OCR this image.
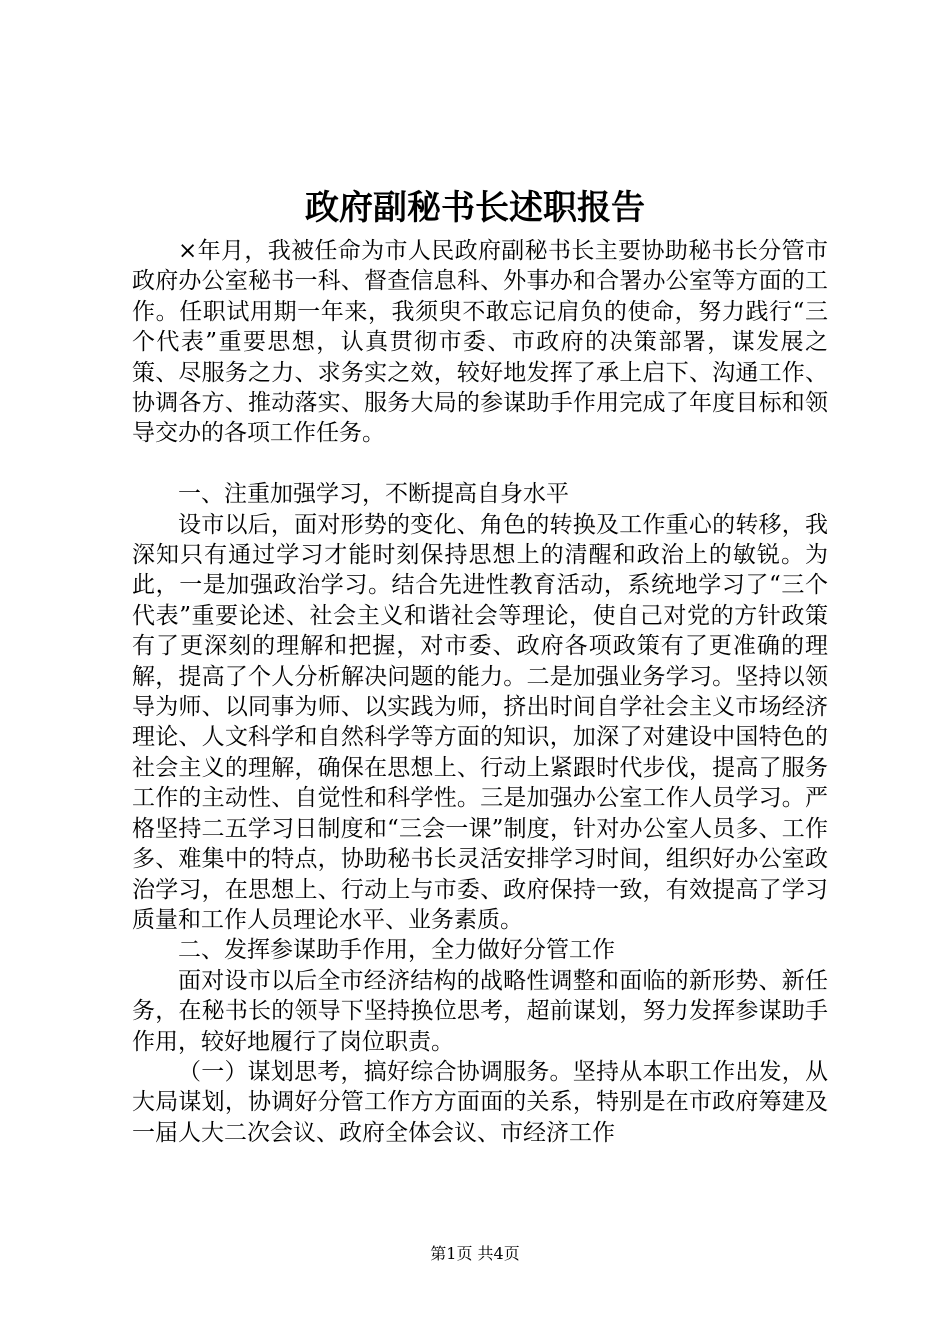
政府副秘书长述职报告

×年月，我被任命为市人民政府副秘书长主要协助秘书长分管市政府办公室秘书一科、督查信息科、外事办和合署办公室等方面的工作。任职试用期一年来，我须臾不敢忘记肩负的使命，努力践行“三个代表”重要思想，认真贯彻市委、市政府的决策部署，谋发展之策、尽服务之力、求务实之效，较好地发挥了承上启下、沟通工作、协调各方、推动落实、服务大局的参谋助手作用完成了年度目标和领导交办的各项工作任务。

一、注重加强学习，不断提高自身水平

设市以后，面对形势的变化、角色的转换及工作重心的转移，我深知只有通过学习才能时刻保持思想上的清醒和政治上的敏锐。为此，一是加强政治学习。结合先进性教育活动，系统地学习了“三个代表”重要论述、社会主义和谐社会等理论，使自己对党的方针政策有了更深刻的理解和把握，对市委、政府各项政策有了更准确的理解，提高了个人分析解决问题的能力。二是加强业务学习。坚持以领导为师、以同事为师、以实践为师，挤出时间自学社会主义市场经济理论、人文科学和自然科学等方面的知识，加深了对建设中国特色的社会主义的理解，确保在思想上、行动上紧跟时代步伐，提高了服务工作的主动性、自觉性和科学性。三是加强办公室工作人员学习。严格坚持二五学习日制度和“三会一课”制度，针对办公室人员多、工作多、难集中的特点，协助秘书长灵活安排学习时间，组织好办公室政治学习，在思想上、行动上与市委、政府保持一致，有效提高了学习质量和工作人员理论水平、业务素质。

二、发挥参谋助手作用，全力做好分管工作

面对设市以后全市经济结构的战略性调整和面临的新形势、新任务，在秘书长的领导下坚持换位思考，超前谋划，努力发挥参谋助手作用，较好地履行了岗位职责。

（一）谋划思考，搞好综合协调服务。坚持从本职工作出发，从大局谋划，协调好分管工作方方面面的关系，特别是在市政府筹建及一届人大二次会议、政府全体会议、市经济工作

第1页 共4页
